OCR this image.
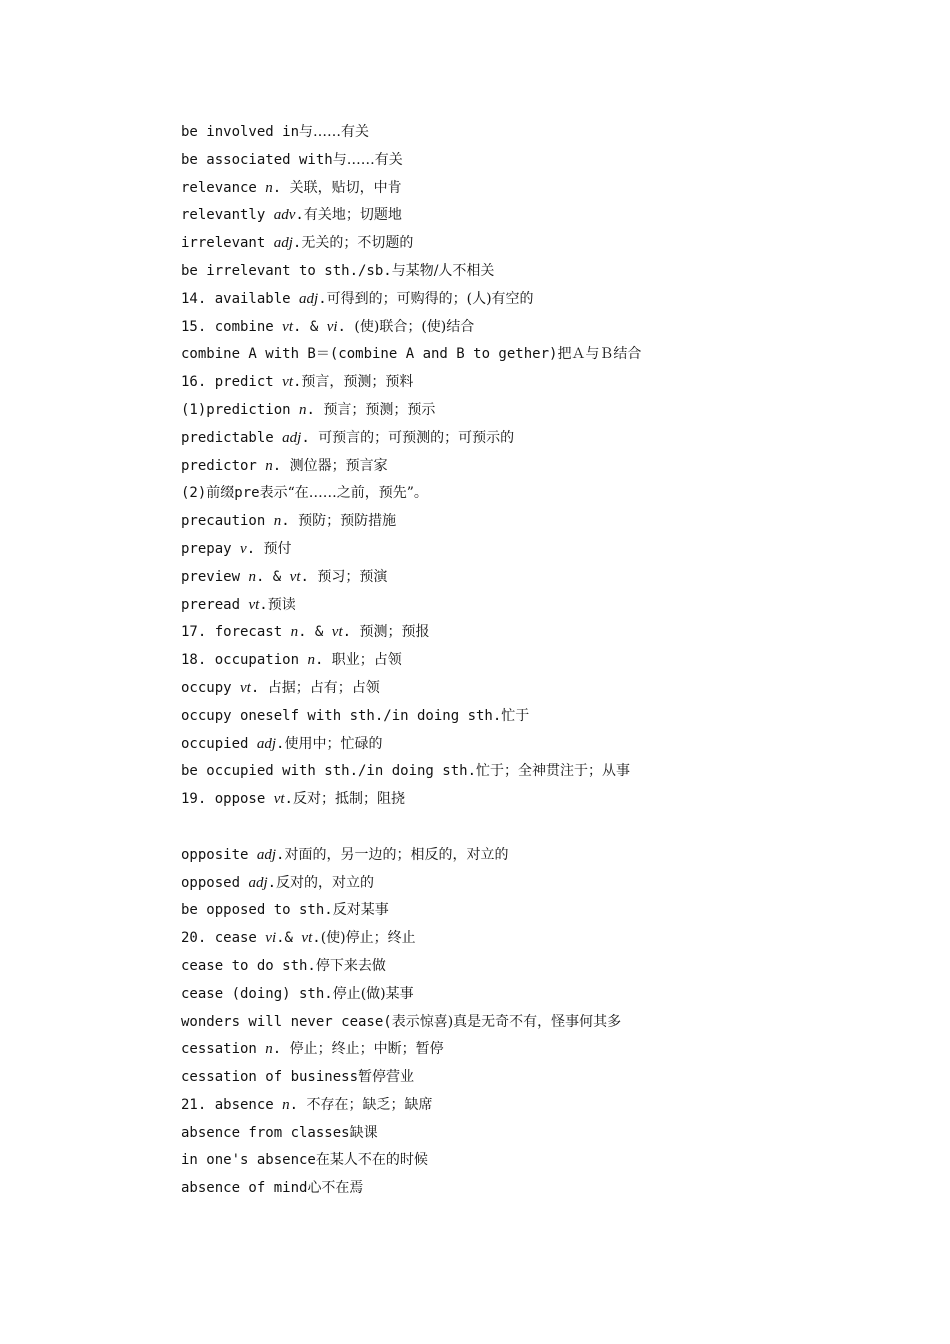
be involved in与……有关
be associated with与……有关
relevance n. 关联，贴切，中肯
relevantly adv.有关地；切题地
irrelevant adj.无关的；不切题的
be irrelevant to sth./sb.与某物/人不相关
14. available adj.可得到的；可购得的；(人)有空的
15. combine vt. & vi. (使)联合；(使)结合
combine A with B＝(combine A and B to gether)把Ａ与Ｂ结合
16. predict vt.预言，预测；预料
(1)prediction n. 预言；预测；预示
predictable adj. 可预言的；可预测的；可预示的
predictor n. 测位器；预言家
(2)前缀pre表示“在……之前，预先”。
precaution n. 预防；预防措施
prepay v. 预付
preview n. & vt. 预习；预演
preread vt.预读
17. forecast n. & vt. 预测；预报
18. occupation n. 职业；占领
occupy vt. 占据；占有；占领
occupy oneself with sth./in doing sth.忙于
occupied adj.使用中；忙碌的
be occupied with sth./in doing sth.忙于；全神贯注于；从事
19. oppose vt.反对；抵制；阻挠
opposite adj.对面的，另一边的；相反的，对立的
opposed adj.反对的，对立的
be opposed to sth.反对某事
20. cease vi.& vt.(使)停止；终止
cease to do sth.停下来去做
cease (doing) sth.停止(做)某事
wonders will never cease(表示惊喜)真是无奇不有，怪事何其多
cessation n. 停止；终止；中断；暂停
cessation of business暂停营业
21. absence n. 不存在；缺乏；缺席
absence from classes缺课
in one's absence在某人不在的时候
absence of mind心不在焉
